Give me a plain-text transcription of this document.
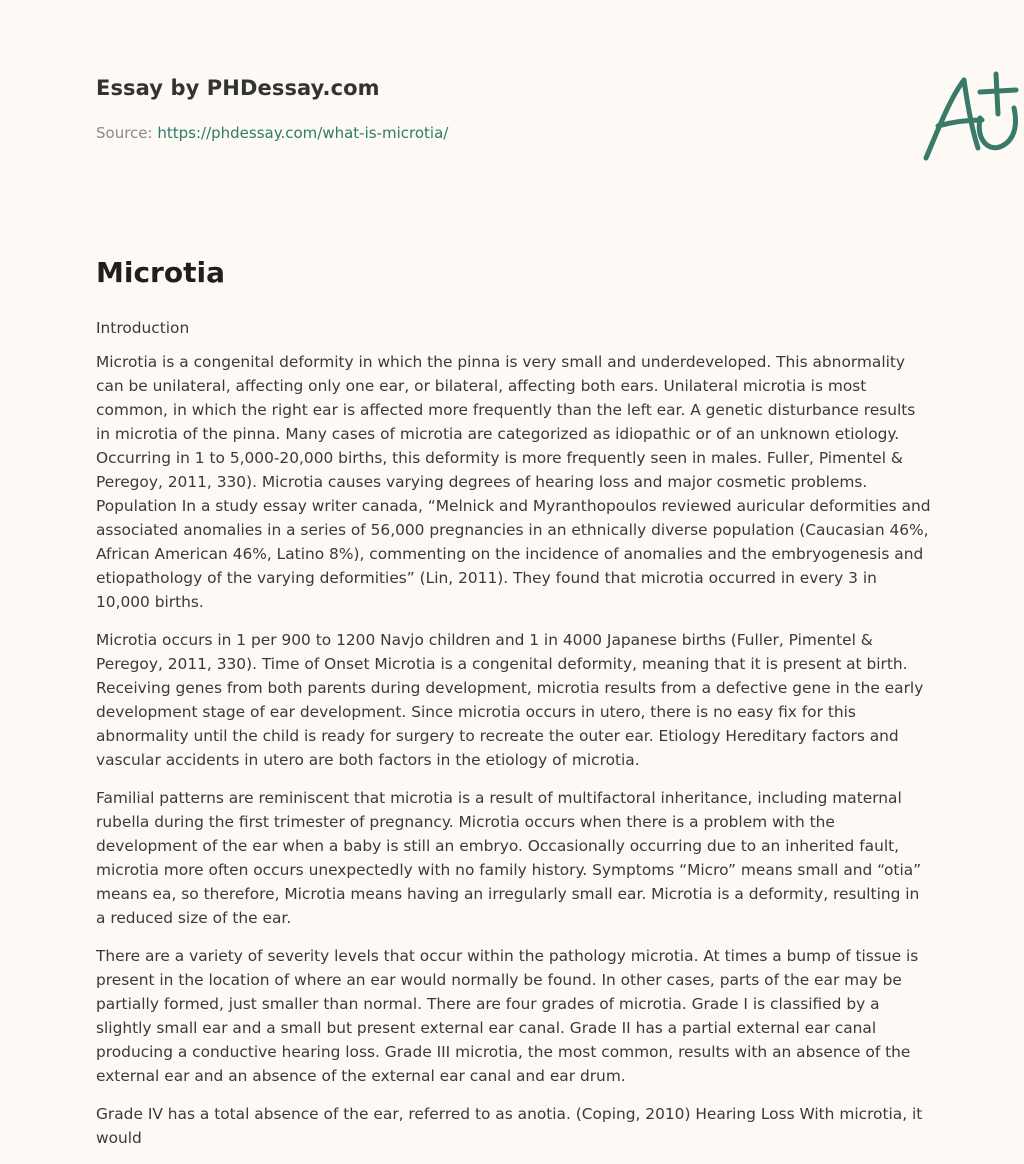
Essay by PHDessay.com
Source: https://phdessay.com/what-is-microtia/
Microtia

Introduction

Microtia is a congenital deformity in which the pinna is very small and underdeveloped. This abnormality can be unilateral, affecting only one ear, or bilateral, affecting both ears. Unilateral microtia is most common, in which the right ear is affected more frequently than the left ear. A genetic disturbance results in microtia of the pinna. Many cases of microtia are categorized as idiopathic or of an unknown etiology. Occurring in 1 to 5,000-20,000 births, this deformity is more frequently seen in males. Fuller, Pimentel & Peregoy, 2011, 330). Microtia causes varying degrees of hearing loss and major cosmetic problems. Population In a study essay writer canada, “Melnick and Myranthopoulos reviewed auricular deformities and associated anomalies in a series of 56,000 pregnancies in an ethnically diverse population (Caucasian 46%, African American 46%, Latino 8%), commenting on the incidence of anomalies and the embryogenesis and etiopathology of the varying deformities” (Lin, 2011). They found that microtia occurred in every 3 in 10,000 births.

Microtia occurs in 1 per 900 to 1200 Navjo children and 1 in 4000 Japanese births (Fuller, Pimentel & Peregoy, 2011, 330). Time of Onset Microtia is a congenital deformity, meaning that it is present at birth. Receiving genes from both parents during development, microtia results from a defective gene in the early development stage of ear development. Since microtia occurs in utero, there is no easy fix for this abnormality until the child is ready for surgery to recreate the outer ear. Etiology Hereditary factors and vascular accidents in utero are both factors in the etiology of microtia.

Familial patterns are reminiscent that microtia is a result of multifactoral inheritance, including maternal rubella during the first trimester of pregnancy. Microtia occurs when there is a problem with the development of the ear when a baby is still an embryo. Occasionally occurring due to an inherited fault, microtia more often occurs unexpectedly with no family history. Symptoms “Micro” means small and “otia” means ea, so therefore, Microtia means having an irregularly small ear. Microtia is a deformity, resulting in a reduced size of the ear.

There are a variety of severity levels that occur within the pathology microtia. At times a bump of tissue is present in the location of where an ear would normally be found. In other cases, parts of the ear may be partially formed, just smaller than normal. There are four grades of microtia. Grade I is classified by a slightly small ear and a small but present external ear canal. Grade II has a partial external ear canal producing a conductive hearing loss. Grade III microtia, the most common, results with an absence of the external ear and an absence of the external ear canal and ear drum.

Grade IV has a total absence of the ear, referred to as anotia. (Coping, 2010) Hearing Loss With microtia, it would
